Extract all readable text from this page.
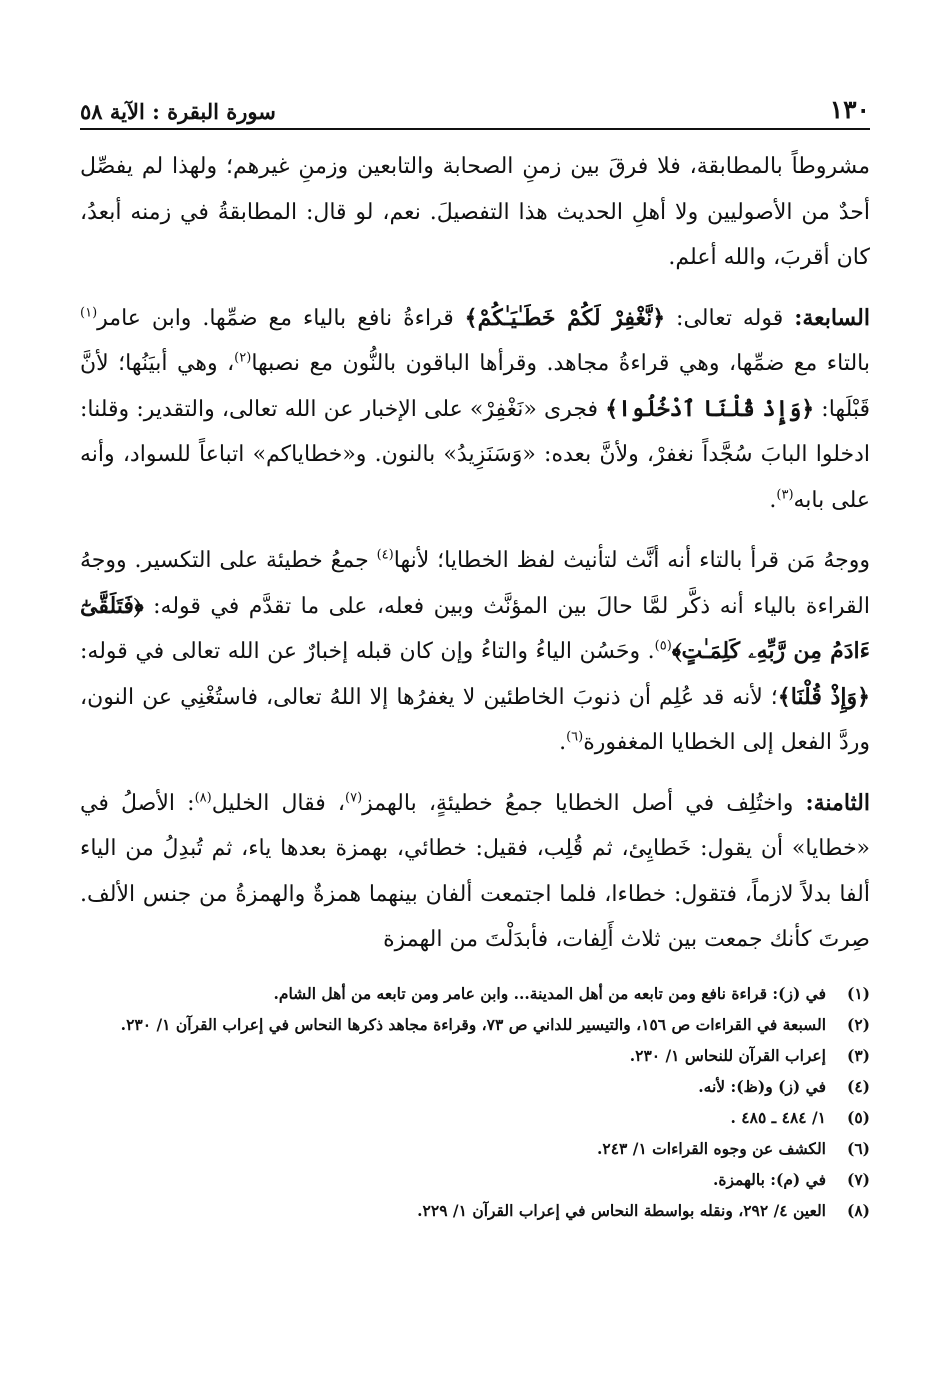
١٣٠
سورة البقرة : الآية ٥٨

مشروطاً بالمطابقة، فلا فرقَ بين زمنِ الصحابة والتابعين وزمنِ غيرهم؛ ولهذا لم يفصِّل أحدٌ من الأصوليين ولا أهلِ الحديث هذا التفصيلَ. نعم، لو قال: المطابقةُ في زمنه أبعدُ، كان أقربَ، والله أعلم.

السابعة: قوله تعالى: ﴿نَّغْفِرْ لَكُمْ خَطَـٰيَـٰكُمْ﴾ قراءةُ نافع بالياء مع ضمِّها. وابن عامر$^{(١)}$ بالتاء مع ضمِّها، وهي قراءةُ مجاهد. وقرأها الباقون بالنُّون مع نصبها$^{(٢)}$، وهي أبيَنُها؛ لأنَّ قَبْلَها: ﴿وَإِذْ قُلْنَا ٱدْخُلُوا﴾ فجرى «نَغْفِرْ» على الإخبار عن الله تعالى، والتقدير: وقلنا: ادخلوا البابَ سُجَّداً نغفرْ، ولأنَّ بعده: «وَسَنَزِيدُ» بالنون. و«خطاياكم» اتباعاً للسواد، وأنه على بابه$^{(٣)}$.

ووجهُ مَن قرأ بالتاء أنه أنَّث لتأنيث لفظ الخطايا؛ لأنها$^{(٤)}$ جمعُ خطيئة على التكسير. ووجهُ القراءة بالياء أنه ذكَّر لمَّا حالَ بين المؤنَّث وبين فعله، على ما تقدَّم في قوله: ﴿فَتَلَقَّىٰٓ ءَادَمُ مِن رَّبِّهِۦ كَلِمَـٰتٍ﴾$^{(٥)}$. وحَسُن الياءُ والتاءُ وإن كان قبله إخبارٌ عن الله تعالى في قوله: ﴿وَإِذْ قُلْنَا﴾؛ لأنه قد عُلِم أن ذنوبَ الخاطئين لا يغفرُها إلا اللهُ تعالى، فاستُغْنِي عن النون، وردَّ الفعل إلى الخطايا المغفورة$^{(٦)}$.

الثامنة: واختُلِف في أصل الخطايا جمعُ خطيئةٍ، بالهمز$^{(٧)}$، فقال الخليل$^{(٨)}$: الأصلُ في «خطايا» أن يقول: خَطايِئ، ثم قُلِب، فقيل: خطائي، بهمزة بعدها ياء، ثم تُبدِلُ من الياء ألفا بدلاً لازماً، فتقول: خطاءا، فلما اجتمعت ألفان بينهما همزةٌ والهمزةُ من جنس الألف. صِرتَ كأنك جمعت بين ثلاث أَلِفات، فأبدَلْتَ من الهمزة

(١)
في (ز): قراءة نافع ومن تابعه من أهل المدينة... وابن عامر ومن تابعه من أهل الشام.
(٢)
السبعة في القراءات ص ١٥٦، والتيسير للداني ص ٧٣، وقراءة مجاهد ذكرها النحاس في إعراب القرآن ١/ ٢٣٠.
(٣)
إعراب القرآن للنحاس ١/ ٢٣٠.
(٤)
في (ز) و(ظ): لأنه.
(٥)
١/ ٤٨٤ ـ ٤٨٥ .
(٦)
الكشف عن وجوه القراءات ١/ ٢٤٣.
(٧)
في (م): بالهمزة.
(٨)
العين ٤/ ٢٩٢، ونقله بواسطة النحاس في إعراب القرآن ١/ ٢٢٩.
